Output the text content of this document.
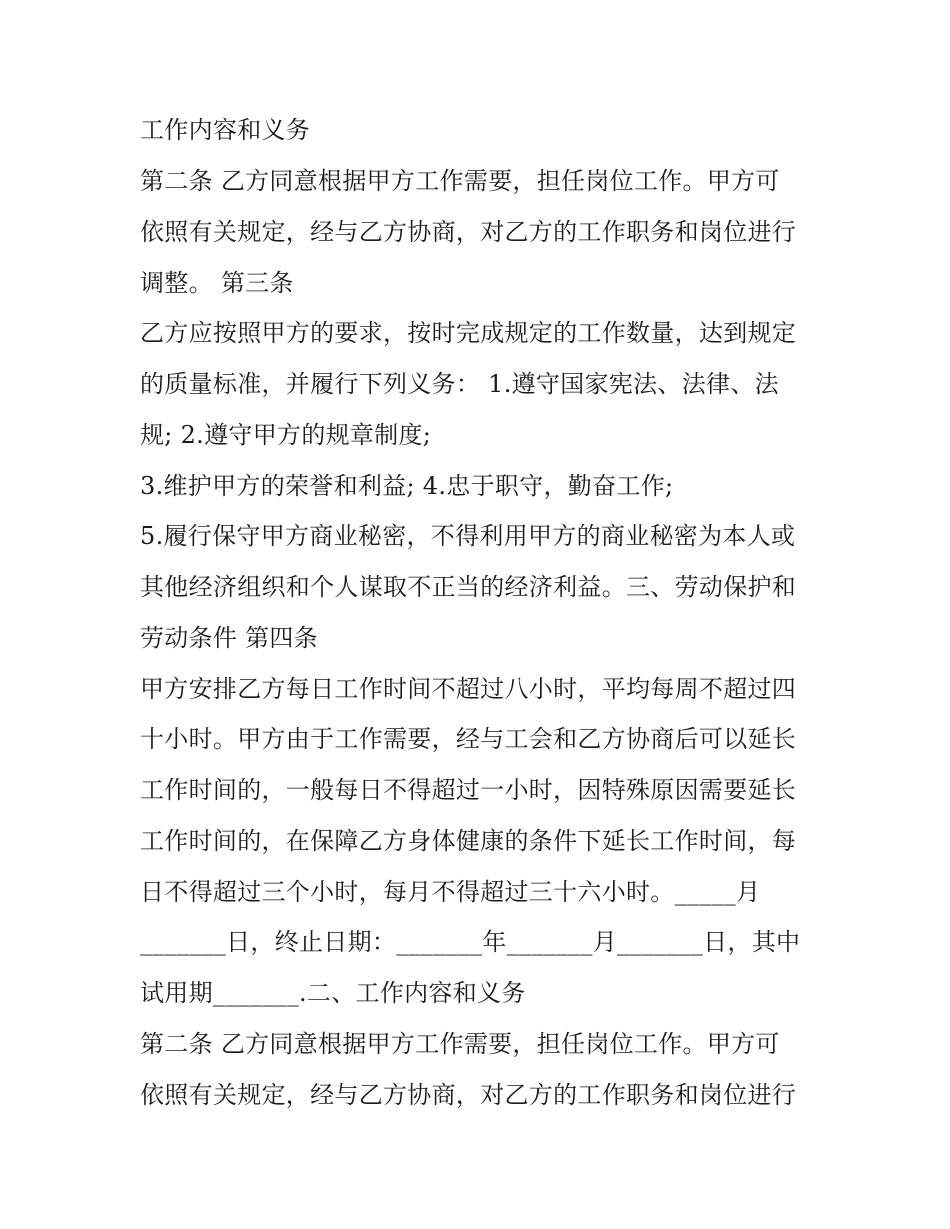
工作内容和义务

第二条 乙方同意根据甲方工作需要，担任岗位工作。甲方可

依照有关规定，经与乙方协商，对乙方的工作职务和岗位进行

调整。 第三条

乙方应按照甲方的要求，按时完成规定的工作数量，达到规定

的质量标准，并履行下列义务： 1.遵守国家宪法、法律、法

规; 2.遵守甲方的规章制度;

3.维护甲方的荣誉和利益; 4.忠于职守，勤奋工作;

5.履行保守甲方商业秘密，不得利用甲方的商业秘密为本人或

其他经济组织和个人谋取不正当的经济利益。三、劳动保护和

劳动条件 第四条

甲方安排乙方每日工作时间不超过八小时，平均每周不超过四

十小时。甲方由于工作需要，经与工会和乙方协商后可以延长

工作时间的，一般每日不得超过一小时，因特殊原因需要延长

工作时间的，在保障乙方身体健康的条件下延长工作时间，每

日不得超过三个小时，每月不得超过三十六小时。_____月

_______日，终止日期：_______年_______月_______日，其中

试用期_______.二、工作内容和义务

第二条 乙方同意根据甲方工作需要，担任岗位工作。甲方可

依照有关规定，经与乙方协商，对乙方的工作职务和岗位进行
